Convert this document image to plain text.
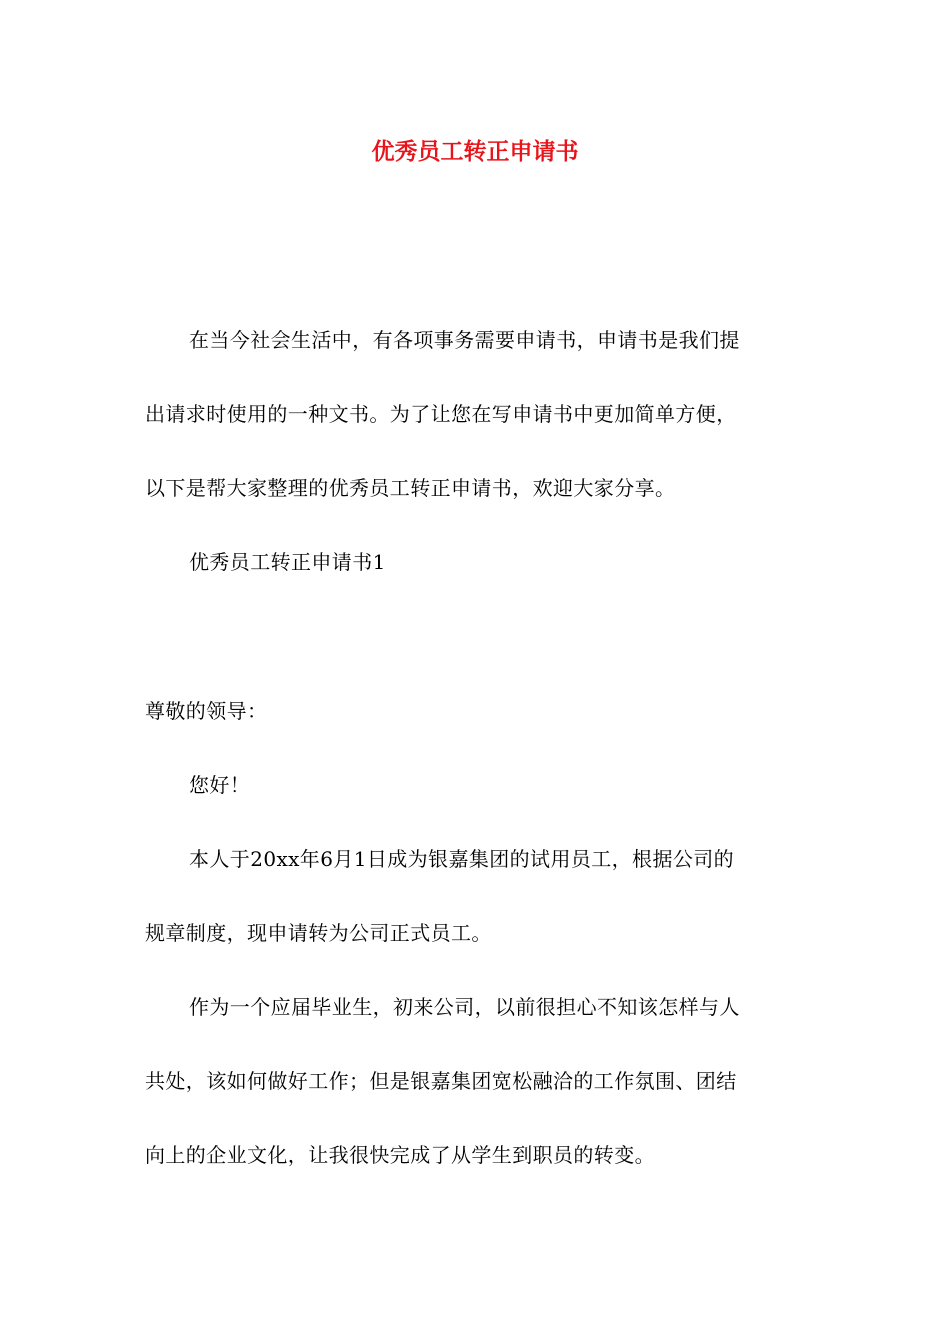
优秀员工转正申请书
在当今社会生活中，有各项事务需要申请书，申请书是我们提
出请求时使用的一种文书。为了让您在写申请书中更加简单方便，
以下是帮大家整理的优秀员工转正申请书，欢迎大家分享。
优秀员工转正申请书1
尊敬的领导：
您好！
本人于20xx年6月1日成为银嘉集团的试用员工，根据公司的
规章制度，现申请转为公司正式员工。
作为一个应届毕业生，初来公司，以前很担心不知该怎样与人
共处，该如何做好工作；但是银嘉集团宽松融洽的工作氛围、团结
向上的企业文化，让我很快完成了从学生到职员的转变。
